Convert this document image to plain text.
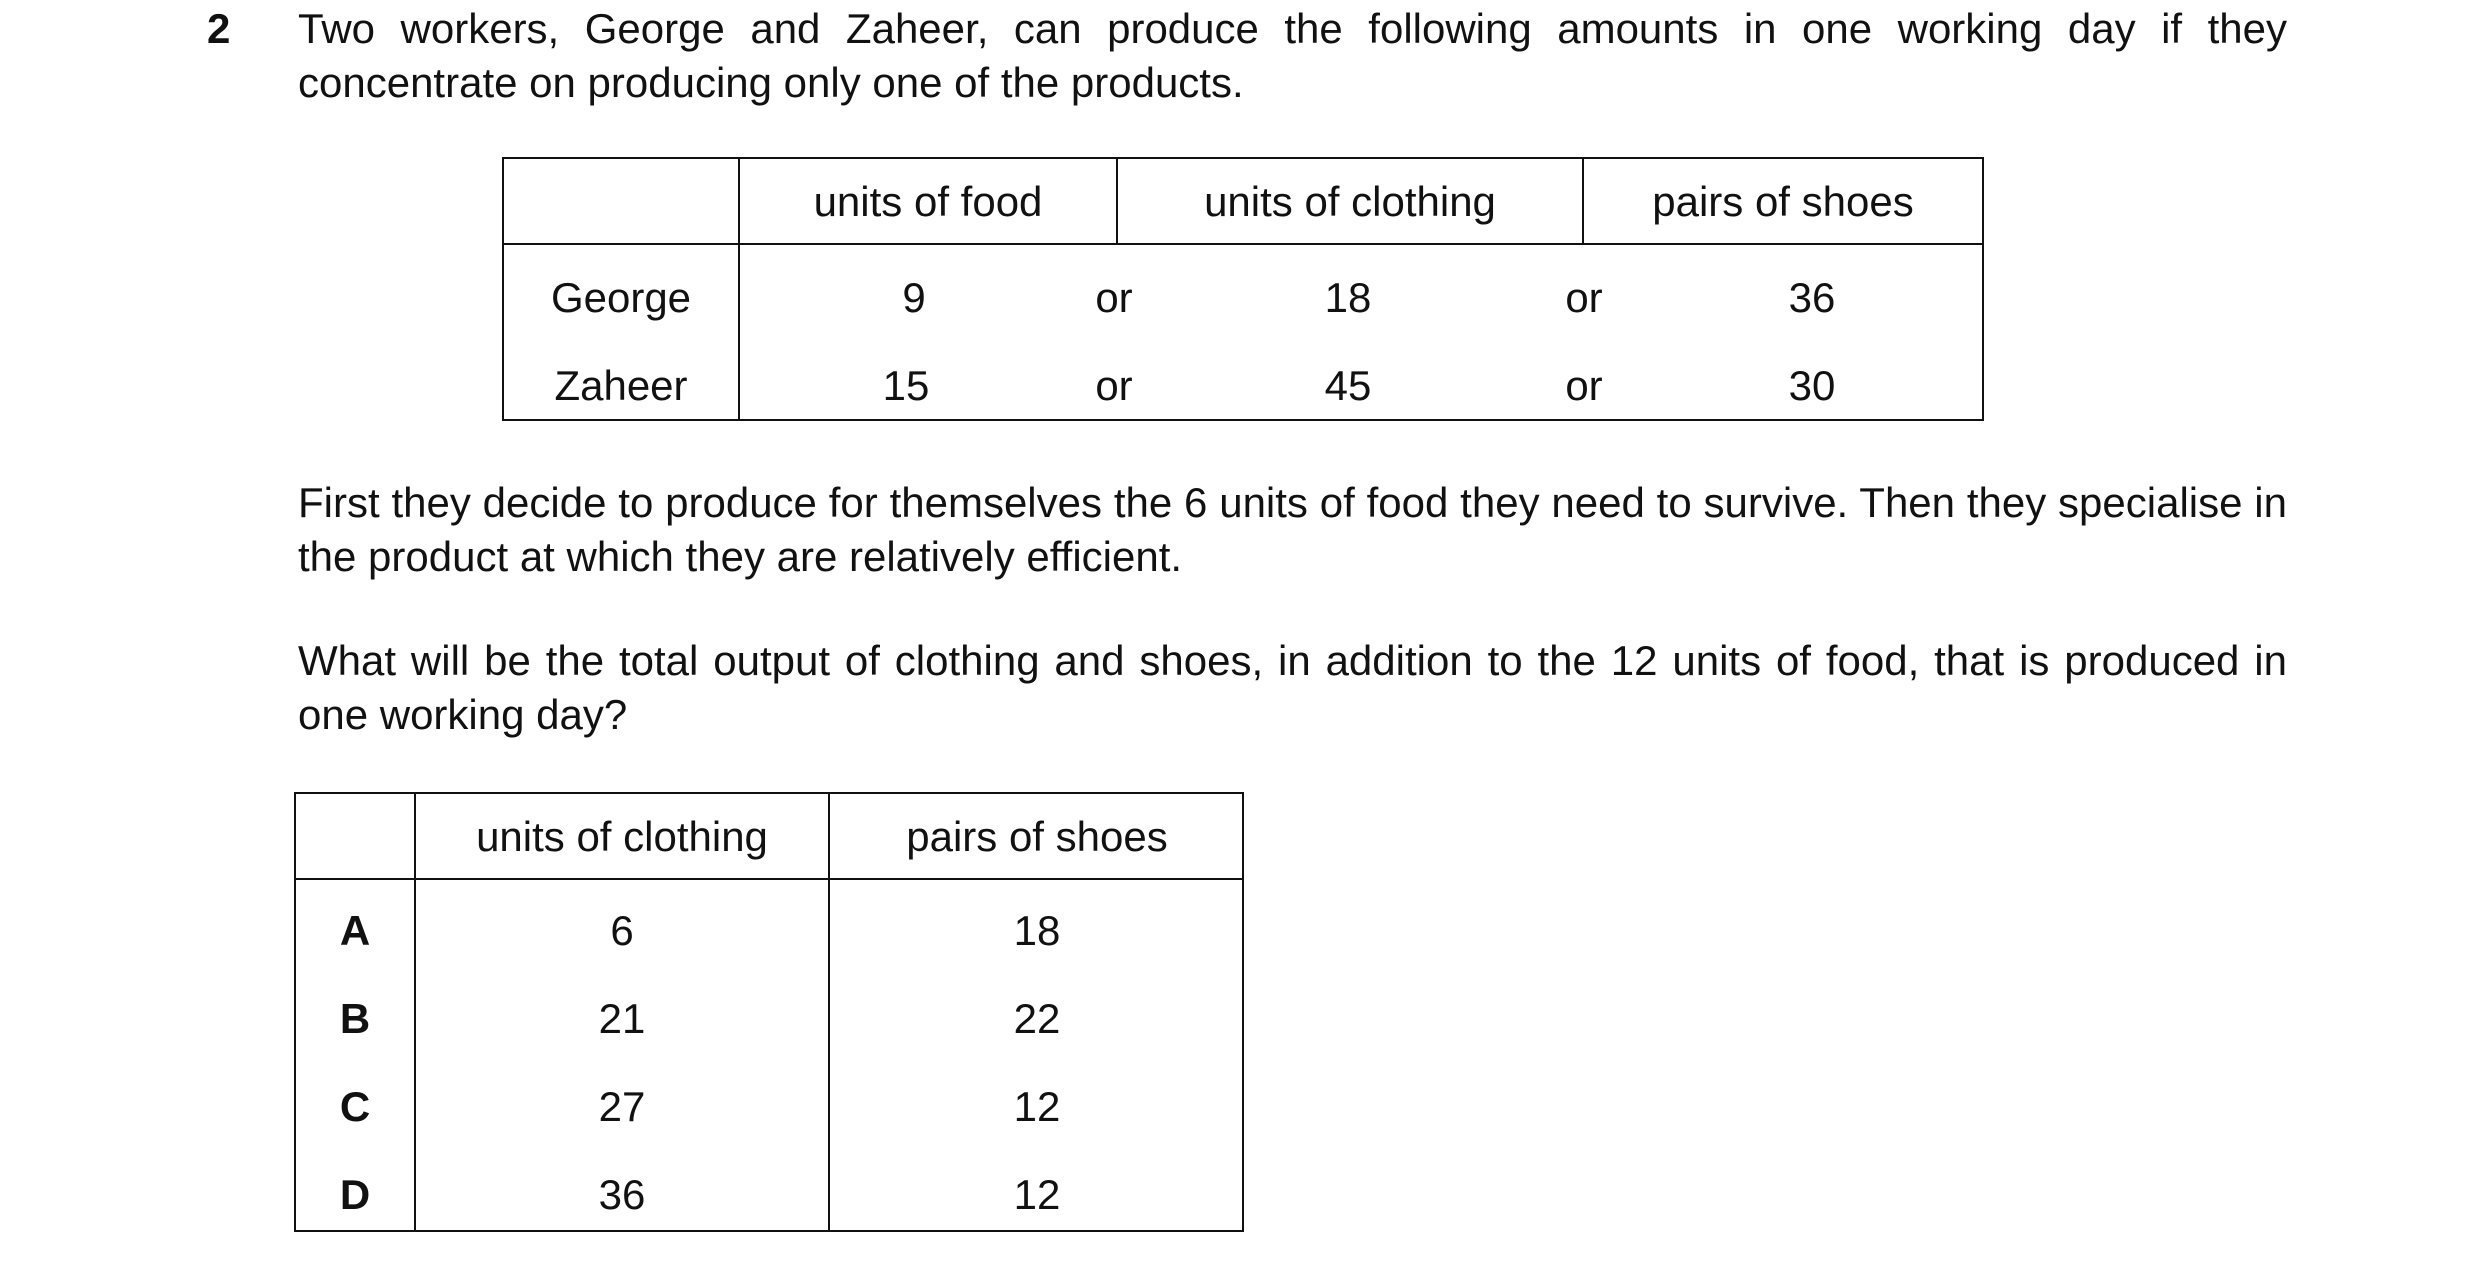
2 Two workers, George and Zaheer, can produce the following amounts in one working day if they concentrate on producing only one of the products.
units of food	units of clothing	pairs of shoes
George	9	or	18	or	36
Zaheer	15	or	45	or	30
First they decide to produce for themselves the 6 units of food they need to survive. Then they specialise in the product at which they are relatively efficient.
What will be the total output of clothing and shoes, in addition to the 12 units of food, that is produced in one working day?
units of clothing	pairs of shoes
A	6	18
B	21	22
C	27	12
D	36	12
